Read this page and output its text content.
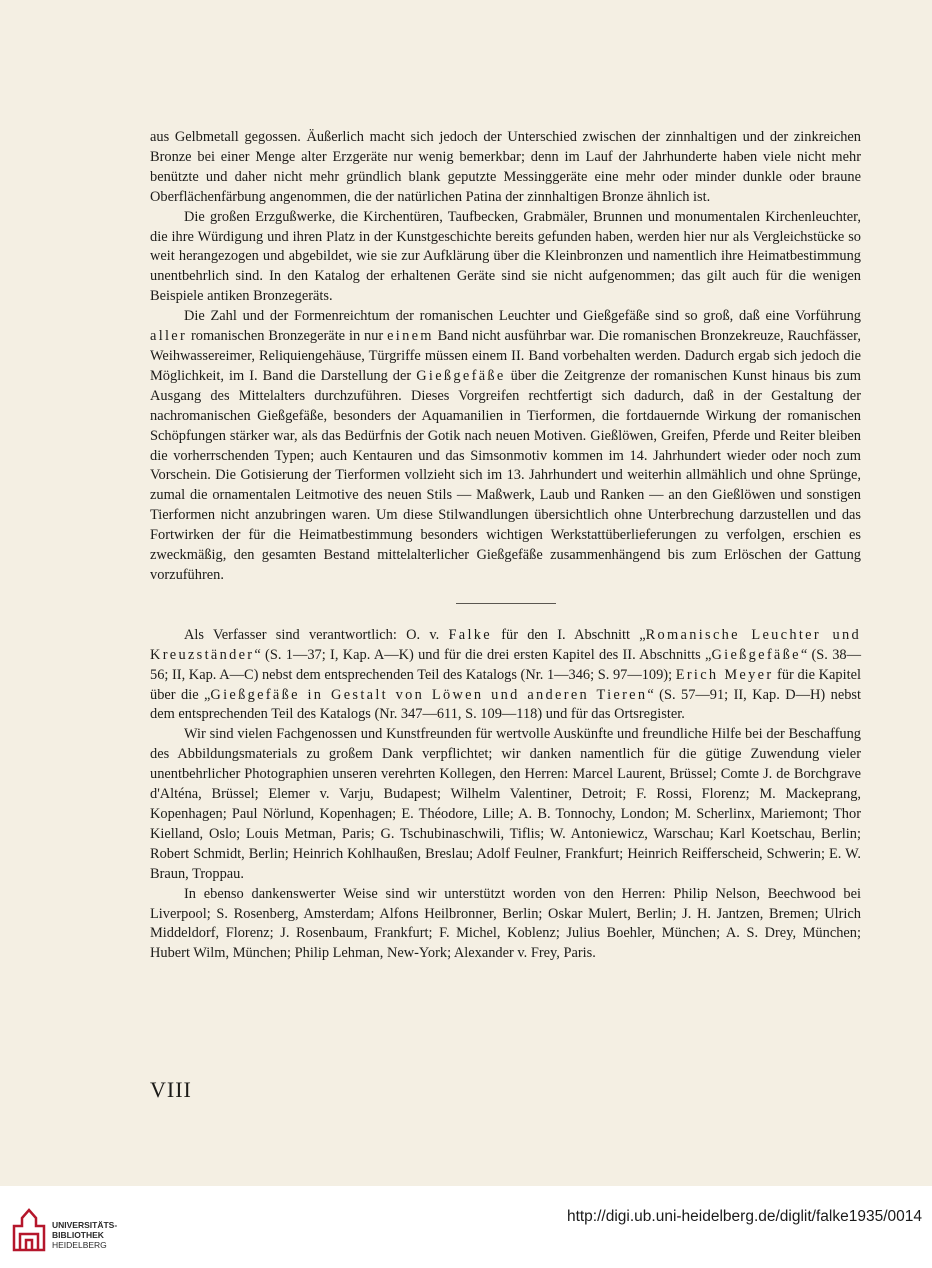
aus Gelbmetall gegossen. Äußerlich macht sich jedoch der Unterschied zwischen der zinnhaltigen und der zinkreichen Bronze bei einer Menge alter Erzgeräte nur wenig bemerkbar; denn im Lauf der Jahrhunderte haben viele nicht mehr benützte und daher nicht mehr gründlich blank geputzte Messinggeräte eine mehr oder minder dunkle oder braune Oberflächenfärbung angenommen, die der natürlichen Patina der zinnhaltigen Bronze ähnlich ist.

Die großen Erzgußwerke, die Kirchentüren, Taufbecken, Grabmäler, Brunnen und monumentalen Kirchenleuchter, die ihre Würdigung und ihren Platz in der Kunstgeschichte bereits gefunden haben, werden hier nur als Vergleichstücke so weit herangezogen und abgebildet, wie sie zur Aufklärung über die Kleinbronzen und namentlich ihre Heimatbestimmung unentbehrlich sind. In den Katalog der erhaltenen Geräte sind sie nicht aufgenommen; das gilt auch für die wenigen Beispiele antiken Bronzegeräts.

Die Zahl und der Formenreichtum der romanischen Leuchter und Gießgefäße sind so groß, daß eine Vorführung aller romanischen Bronzegeräte in nur einem Band nicht ausführbar war. Die romanischen Bronzekreuze, Rauchfässer, Weihwassereimer, Reliquiengehäuse, Türgriffe müssen einem II. Band vorbehalten werden. Dadurch ergab sich jedoch die Möglichkeit, im I. Band die Darstellung der Gießgefäße über die Zeitgrenze der romanischen Kunst hinaus bis zum Ausgang des Mittelalters durchzuführen. Dieses Vorgreifen rechtfertigt sich dadurch, daß in der Gestaltung der nachromanischen Gießgefäße, besonders der Aquamanilien in Tierformen, die fortdauernde Wirkung der romanischen Schöpfungen stärker war, als das Bedürfnis der Gotik nach neuen Motiven. Gießlöwen, Greifen, Pferde und Reiter bleiben die vorherrschenden Typen; auch Kentauren und das Simsonmotiv kommen im 14. Jahrhundert wieder oder noch zum Vorschein. Die Gotisierung der Tierformen vollzieht sich im 13. Jahrhundert und weiterhin allmählich und ohne Sprünge, zumal die ornamentalen Leitmotive des neuen Stils — Maßwerk, Laub und Ranken — an den Gießlöwen und sonstigen Tierformen nicht anzubringen waren. Um diese Stilwandlungen übersichtlich ohne Unterbrechung darzustellen und das Fortwirken der für die Heimatbestimmung besonders wichtigen Werkstattüberlieferungen zu verfolgen, erschien es zweckmäßig, den gesamten Bestand mittelalterlicher Gießgefäße zusammenhängend bis zum Erlöschen der Gattung vorzuführen.

Als Verfasser sind verantwortlich: O. v. Falke für den I. Abschnitt „Romanische Leuchter und Kreuzständer“ (S. 1—37; I, Kap. A—K) und für die drei ersten Kapitel des II. Abschnitts „Gießgefäße“ (S. 38—56; II, Kap. A—C) nebst dem entsprechenden Teil des Katalogs (Nr. 1—346; S. 97—109); Erich Meyer für die Kapitel über die „Gießgefäße in Gestalt von Löwen und anderen Tieren“ (S. 57—91; II, Kap. D—H) nebst dem entsprechenden Teil des Katalogs (Nr. 347—611, S. 109—118) und für das Ortsregister.

Wir sind vielen Fachgenossen und Kunstfreunden für wertvolle Auskünfte und freundliche Hilfe bei der Beschaffung des Abbildungsmaterials zu großem Dank verpflichtet; wir danken namentlich für die gütige Zuwendung vieler unentbehrlicher Photographien unseren verehrten Kollegen, den Herren: Marcel Laurent, Brüssel; Comte J. de Borchgrave d'Alténa, Brüssel; Elemer v. Varju, Budapest; Wilhelm Valentiner, Detroit; F. Rossi, Florenz; M. Mackeprang, Kopenhagen; Paul Nörlund, Kopenhagen; E. Théodore, Lille; A. B. Tonnochy, London; M. Scherlinx, Mariemont; Thor Kielland, Oslo; Louis Metman, Paris; G. Tschubinaschwili, Tiflis; W. Antoniewicz, Warschau; Karl Koetschau, Berlin; Robert Schmidt, Berlin; Heinrich Kohlhaußen, Breslau; Adolf Feulner, Frankfurt; Heinrich Reifferscheid, Schwerin; E. W. Braun, Troppau.

In ebenso dankenswerter Weise sind wir unterstützt worden von den Herren: Philip Nelson, Beechwood bei Liverpool; S. Rosenberg, Amsterdam; Alfons Heilbronner, Berlin; Oskar Mulert, Berlin; J. H. Jantzen, Bremen; Ulrich Middeldorf, Florenz; J. Rosenbaum, Frankfurt; F. Michel, Koblenz; Julius Boehler, München; A. S. Drey, München; Hubert Wilm, München; Philip Lehman, New-York; Alexander v. Frey, Paris.

VIII
UNIVERSITÄTS-
BIBLIOTHEK
HEIDELBERG
http://digi.ub.uni-heidelberg.de/diglit/falke1935/0014
